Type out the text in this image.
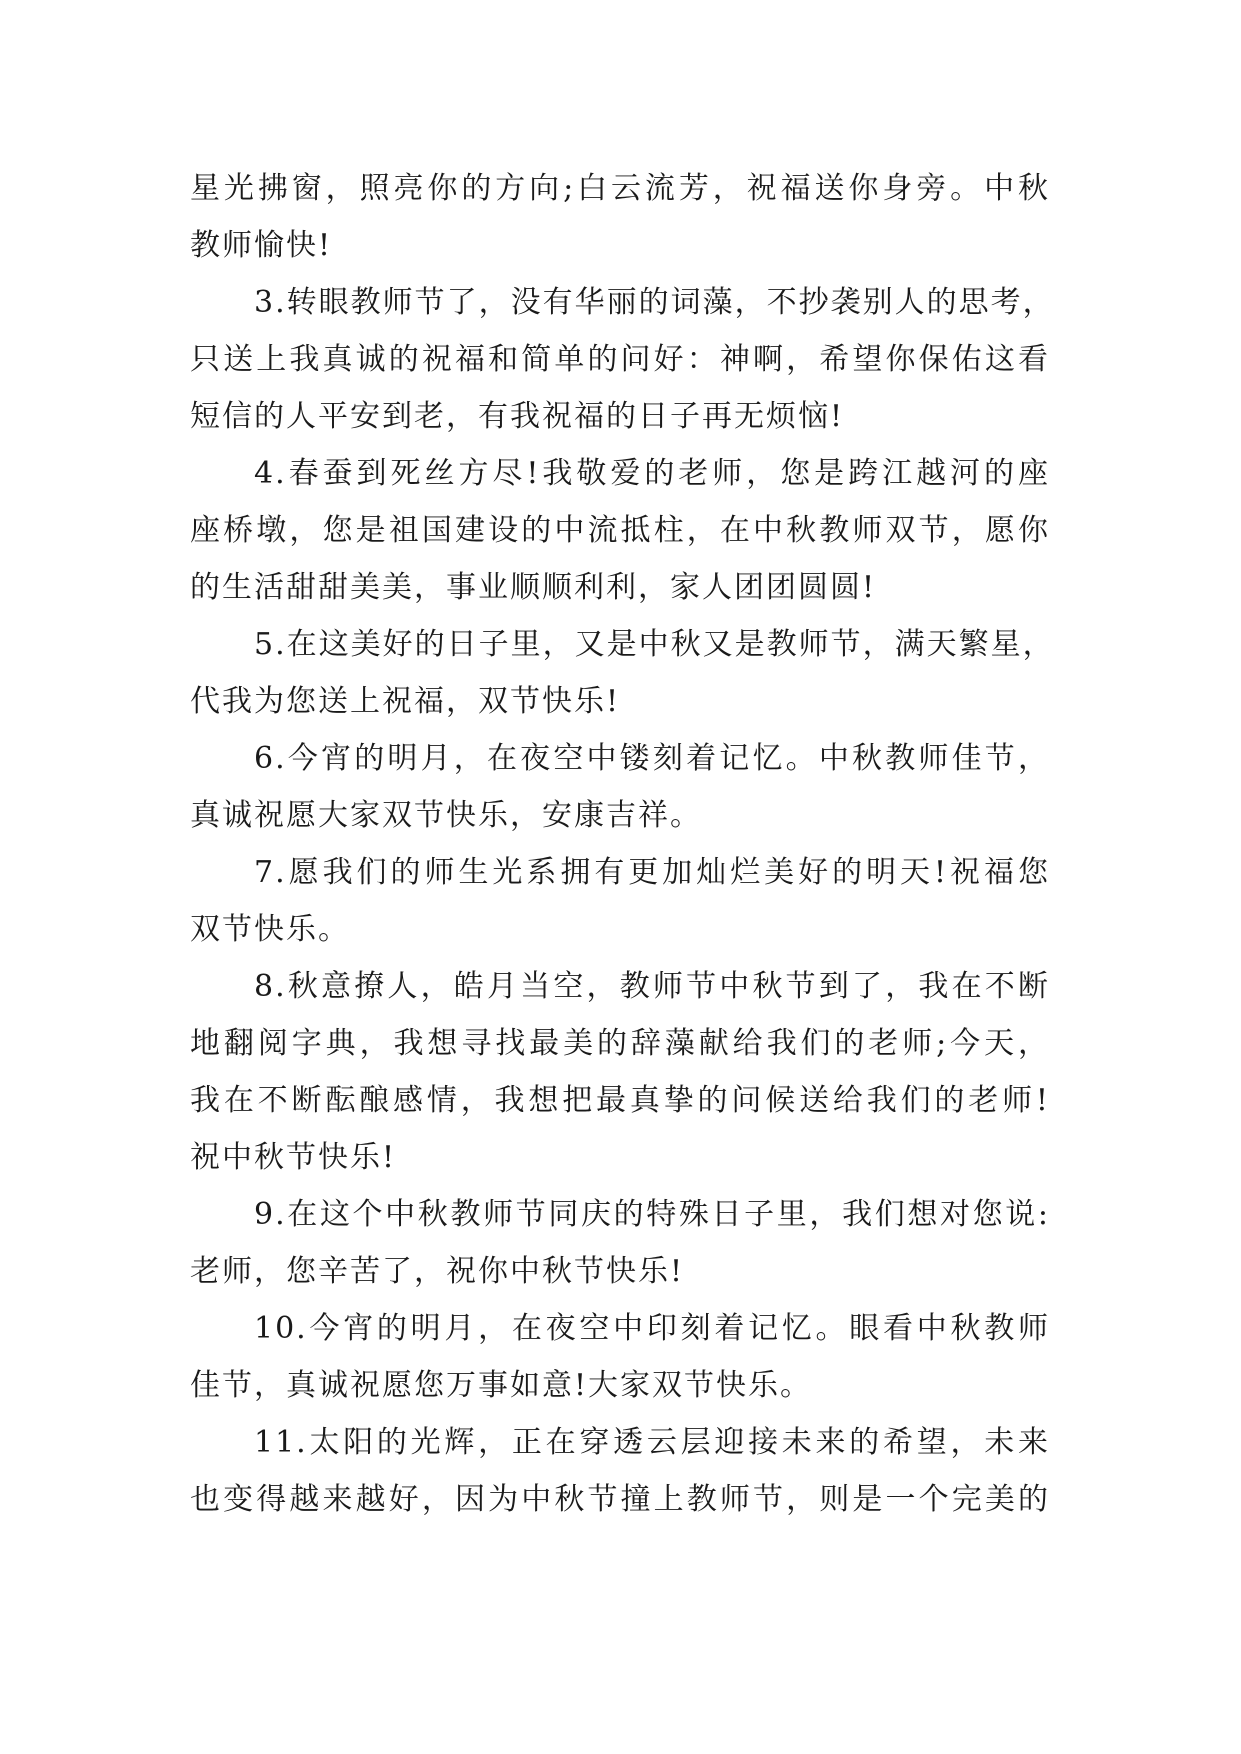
星光拂窗，照亮你的方向;白云流芳，祝福送你身旁。中秋
教师愉快!
3.转眼教师节了，没有华丽的词藻，不抄袭别人的思考，
只送上我真诚的祝福和简单的问好：神啊，希望你保佑这看
短信的人平安到老，有我祝福的日子再无烦恼!
4.春蚕到死丝方尽!我敬爱的老师，您是跨江越河的座
座桥墩，您是祖国建设的中流抵柱，在中秋教师双节，愿你
的生活甜甜美美，事业顺顺利利，家人团团圆圆!
5.在这美好的日子里，又是中秋又是教师节，满天繁星，
代我为您送上祝福，双节快乐!
6.今宵的明月，在夜空中镂刻着记忆。中秋教师佳节，
真诚祝愿大家双节快乐，安康吉祥。
7.愿我们的师生光系拥有更加灿烂美好的明天!祝福您
双节快乐。
8.秋意撩人，皓月当空，教师节中秋节到了，我在不断
地翻阅字典，我想寻找最美的辞藻献给我们的老师;今天，
我在不断酝酿感情，我想把最真挚的问候送给我们的老师!
祝中秋节快乐!
9.在这个中秋教师节同庆的特殊日子里，我们想对您说:
老师，您辛苦了，祝你中秋节快乐!
10.今宵的明月，在夜空中印刻着记忆。眼看中秋教师
佳节，真诚祝愿您万事如意!大家双节快乐。
11.太阳的光辉，正在穿透云层迎接未来的希望，未来
也变得越来越好，因为中秋节撞上教师节，则是一个完美的
